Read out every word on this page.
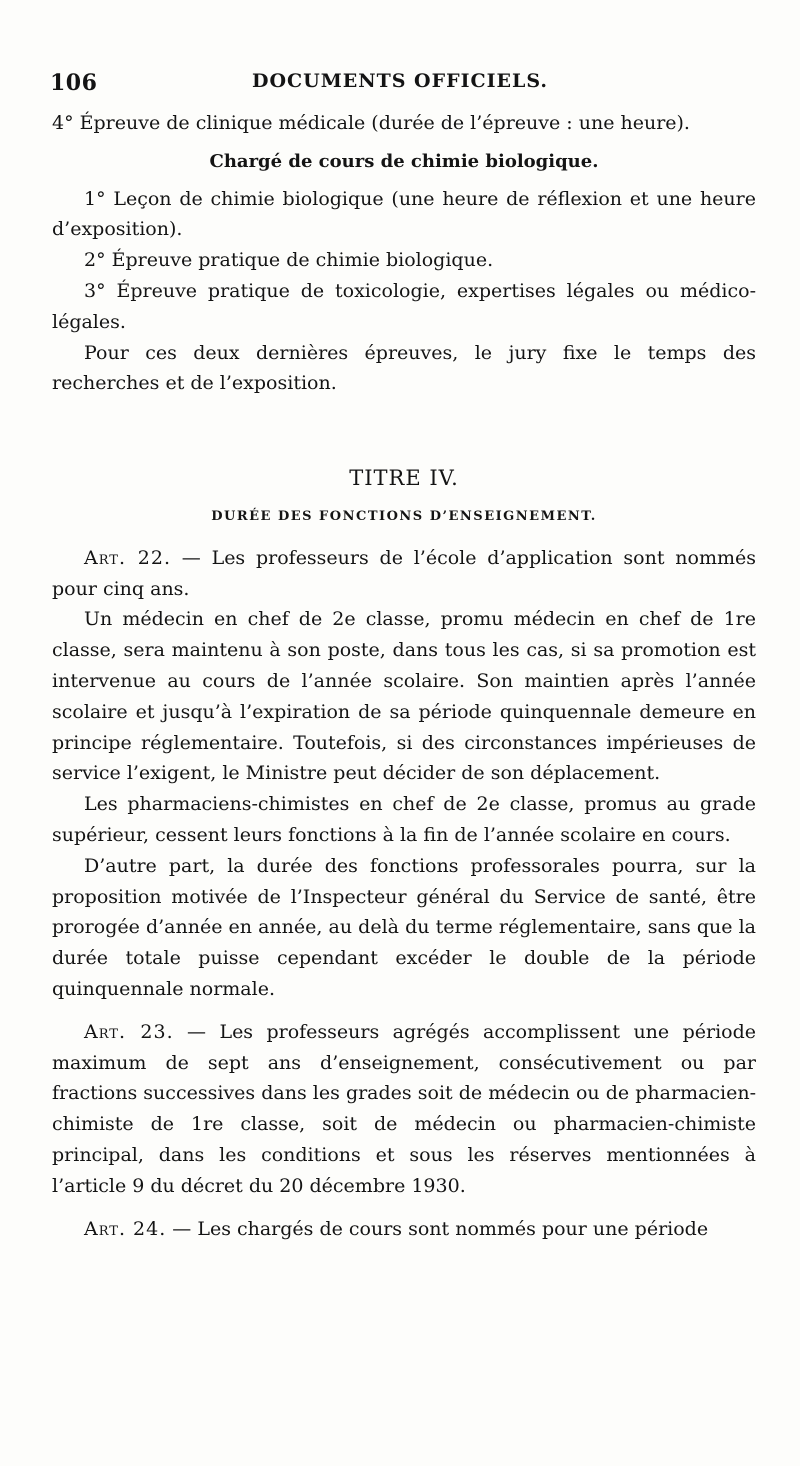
106	DOCUMENTS OFFICIELS.

4° Épreuve de clinique médicale (durée de l’épreuve : une heure).

Chargé de cours de chimie biologique.

1° Leçon de chimie biologique (une heure de réflexion et une heure d’exposition).

2° Épreuve pratique de chimie biologique.

3° Épreuve pratique de toxicologie, expertises légales ou médico-légales.

Pour ces deux dernières épreuves, le jury fixe le temps des recherches et de l’exposition.

TITRE IV.
DURÉE DES FONCTIONS D’ENSEIGNEMENT.

Art. 22. — Les professeurs de l’école d’application sont nommés pour cinq ans.

Un médecin en chef de 2e classe, promu médecin en chef de 1re classe, sera maintenu à son poste, dans tous les cas, si sa promotion est intervenue au cours de l’année scolaire. Son maintien après l’année scolaire et jusqu’à l’expiration de sa période quinquennale demeure en principe réglementaire. Toutefois, si des circonstances impérieuses de service l’exigent, le Ministre peut décider de son déplacement.

Les pharmaciens-chimistes en chef de 2e classe, promus au grade supérieur, cessent leurs fonctions à la fin de l’année scolaire en cours.

D’autre part, la durée des fonctions professorales pourra, sur la proposition motivée de l’Inspecteur général du Service de santé, être prorogée d’année en année, au delà du terme réglementaire, sans que la durée totale puisse cependant excéder le double de la période quinquennale normale.

Art. 23. — Les professeurs agrégés accomplissent une période maximum de sept ans d’enseignement, consécutivement ou par fractions successives dans les grades soit de médecin ou de pharmacien-chimiste de 1re classe, soit de médecin ou pharmacien-chimiste principal, dans les conditions et sous les réserves mentionnées à l’article 9 du décret du 20 décembre 1930.

Art. 24. — Les chargés de cours sont nommés pour une période
